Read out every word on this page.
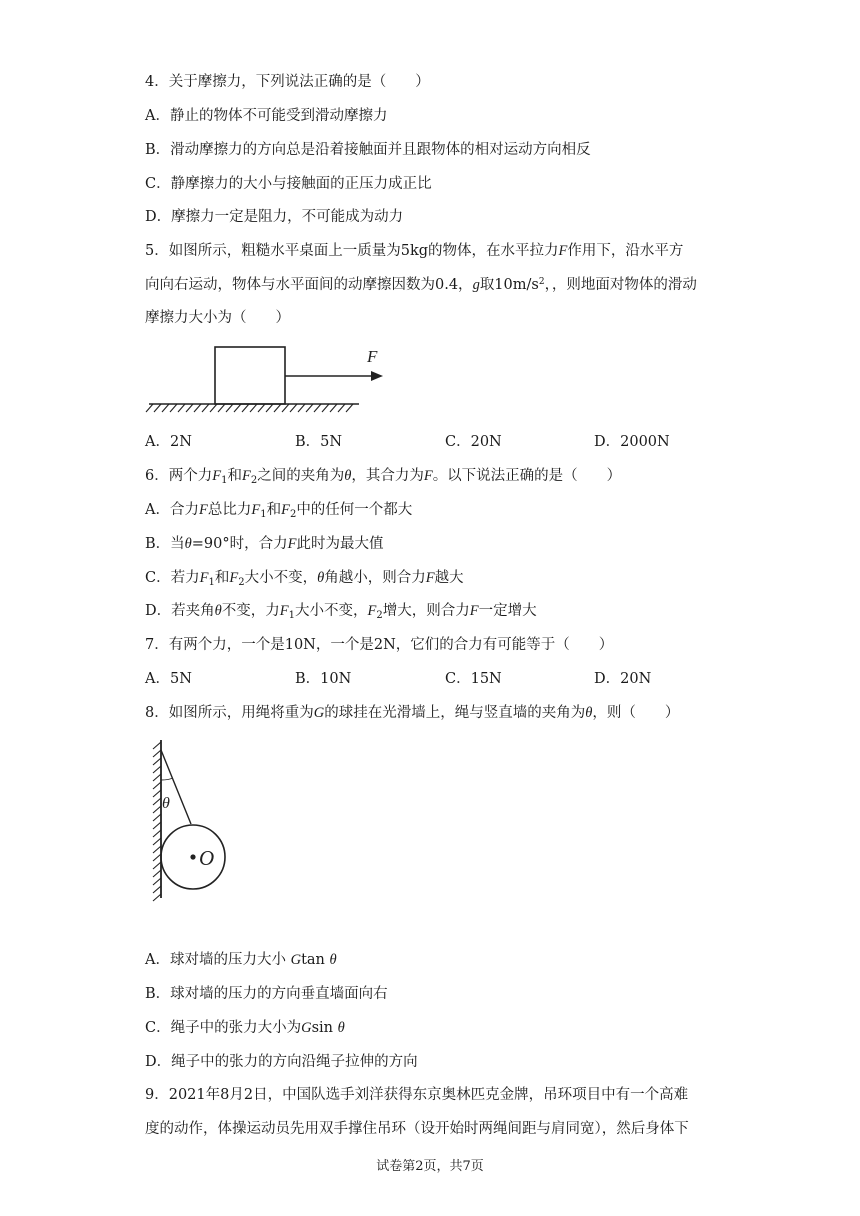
4．关于摩擦力，下列说法正确的是（　　）
A．静止的物体不可能受到滑动摩擦力
B．滑动摩擦力的方向总是沿着接触面并且跟物体的相对运动方向相反
C．静摩擦力的大小与接触面的正压力成正比
D．摩擦力一定是阻力，不可能成为动力
5．如图所示，粗糙水平桌面上一质量为5kg的物体，在水平拉力F作用下，沿水平方
向向右运动，物体与水平面间的动摩擦因数为0.4，g取$10m/s^2$，，则地面对物体的滑动
摩擦力大小为（　　）
F
A．2N	B．5N	C．20N	D．2000N
6．两个力$F_1$和$F_2$之间的夹角为θ，其合力为F。以下说法正确的是（　　）
A．合力F总比力$F_1$和$F_2$中的任何一个都大
B．当θ=90°时，合力F此时为最大值
C．若力$F_1$和$F_2$大小不变，θ角越小，则合力F越大
D．若夹角θ不变，力$F_1$大小不变，$F_2$增大，则合力F一定增大
7．有两个力，一个是10N，一个是2N，它们的合力有可能等于（　　）
A．5N	B．10N	C．15N	D．20N
8．如图所示，用绳将重为G的球挂在光滑墙上，绳与竖直墙的夹角为θ，则（　　）
θ
O
A．球对墙的压力大小 Gtan θ
B．球对墙的压力的方向垂直墙面向右
C．绳子中的张力大小为Gsin θ
D．绳子中的张力的方向沿绳子拉伸的方向
9．2021年8月2日，中国队选手刘洋获得东京奥林匹克金牌，吊环项目中有一个高难
度的动作，体操运动员先用双手撑住吊环（设开始时两绳间距与肩同宽），然后身体下
试卷第2页，共7页
